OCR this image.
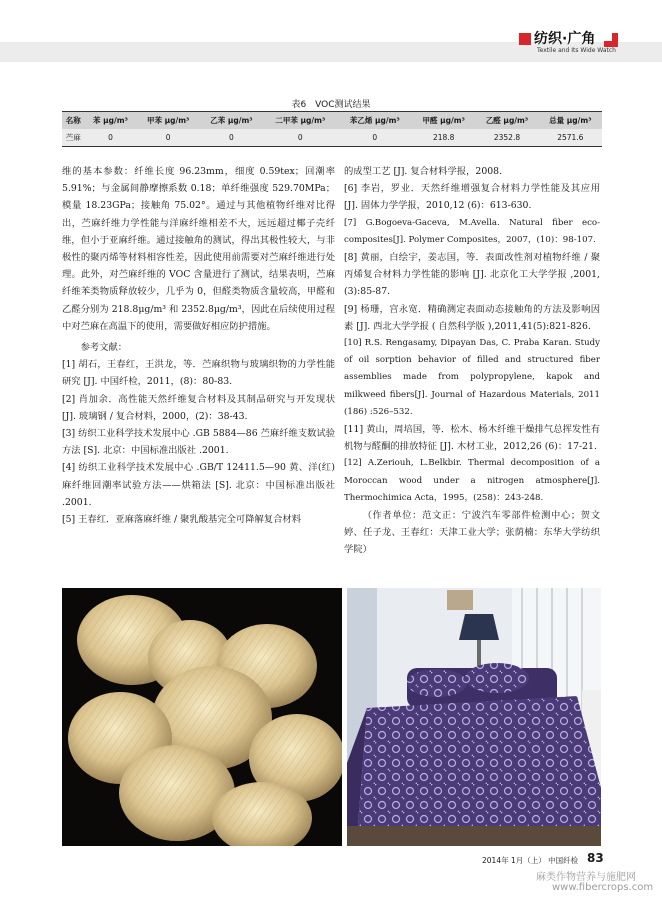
纺织·广角
Textile and Its Wide Watch
表6　VOC测试结果
名称	苯 μg/m³	甲苯 μg/m³	乙苯 μg/m³	二甲苯 μg/m³	苯乙烯 μg/m³	甲醛 μg/m³	乙醛 μg/m³	总量 μg/m³
苎麻	0	0	0	0	0	218.8	2352.8	2571.6

维的基本参数：纤维长度 96.23mm，细度 0.59tex；回潮率 5.91%；与金属间静摩擦系数 0.18；单纤维强度 529.70MPa；模量 18.23GPa；接触角 75.02°。通过与其他植物纤维对比得出，苎麻纤维力学性能与洋麻纤维相差不大，远远超过椰子壳纤维，但小于亚麻纤维。通过接触角的测试，得出其极性较大，与非极性的聚丙烯等材料相容性差，因此使用前需要对苎麻纤维进行处理。此外，对苎麻纤维的 VOC 含量进行了测试，结果表明，苎麻纤维苯类物质释放较少，几乎为 0，但醛类物质含量较高，甲醛和乙醛分别为 218.8μg/m³ 和 2352.8μg/m³，因此在后续使用过程中对苎麻在高温下的使用，需要做好相应防护措施。

参考文献：

[1] 胡石，王春红，王洪龙，等．苎麻织物与玻璃织物的力学性能研究 [J]. 中国纤检，2011，(8)：80-83.

[2] 肖加余．高性能天然纤维复合材料及其制品研究与开发现状 [J]. 玻璃钢 / 复合材料，2000，(2)：38-43.

[3] 纺织工业科学技术发展中心 .GB 5884—86 苎麻纤维支数试验方法 [S]. 北京：中国标准出版社 .2001.

[4] 纺织工业科学技术发展中心 .GB/T 12411.5—90 黄、洋(红) 麻纤维回潮率试验方法——烘箱法 [S]. 北京：中国标准出版社 .2001.

[5] 王春红．亚麻落麻纤维 / 聚乳酸基完全可降解复合材料

的成型工艺 [J]. 复合材料学报，2008.

[6] 李岩，罗业．天然纤维增强复合材料力学性能及其应用 [J]. 固体力学学报，2010,12 (6)：613-630.

[7] G.Bogoeva-Gaceva, M.Avella. Natural fiber eco-composites[J]. Polymer Composites，2007，(10)：98-107.

[8] 黄丽，白绘宇，姜志国，等．表面改性剂对植物纤维 / 聚丙烯复合材料力学性能的影响 [J]. 北京化工大学学报 ,2001,(3):85-87.

[9] 杨珊，宫永宽．精确测定表面动态接触角的方法及影响因素 [J]. 西北大学学报 ( 自然科学版 ),2011,41(5):821-826.

[10] R.S. Rengasamy, Dipayan Das, C. Praba Karan. Study of oil sorption behavior of filled and structured fiber assemblies made from polypropylene, kapok and milkweed fibers[J]. Journal of Hazardous Materials, 2011 (186) :526–532.

[11] 黄山，周培国，等．松木、杨木纤维干燥排气总挥发性有机物与醛酮的排放特征 [J]. 木材工业，2012,26 (6)：17-21.

[12] A.Zeriouh, L.Belkbir. Thermal decomposition of a Moroccan wood under a nitrogen atmosphere[J]. Thermochimica Acta，1995，(258)：243-248.

（作者单位：范文正：宁波汽车零部件检测中心；贺文婷、任子龙、王春红：天津工业大学；张荫楠：东华大学纺织学院）

2014年 1月（上） 中国纤检 83
麻类作物营养与施肥网
www.fibercrops.com
